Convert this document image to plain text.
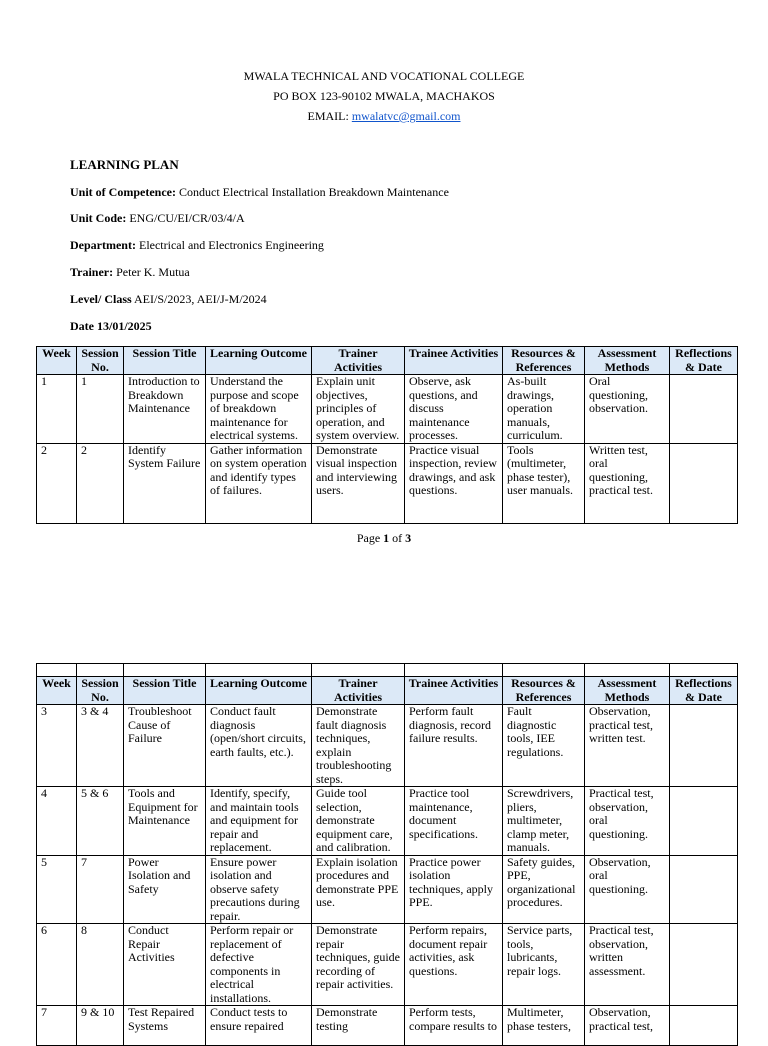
MWALA TECHNICAL AND VOCATIONAL COLLEGE
PO BOX 123-90102 MWALA, MACHAKOS
EMAIL: mwalatvc@gmail.com
LEARNING PLAN
Unit of Competence: Conduct Electrical Installation Breakdown Maintenance
Unit Code: ENG/CU/EI/CR/03/4/A
Department: Electrical and Electronics Engineering
Trainer: Peter K. Mutua
Level/ Class AEI/S/2023, AEI/J-M/2024
Date 13/01/2025
Week	Session No.	Session Title	Learning Outcome	Trainer Activities	Trainee Activities	Resources & References	Assessment Methods	Reflections & Date
1	1	Introduction to Breakdown Maintenance	Understand the purpose and scope of breakdown maintenance for electrical systems.	Explain unit objectives, principles of operation, and system overview.	Observe, ask questions, and discuss maintenance processes.	As-built drawings, operation manuals, curriculum.	Oral questioning, observation.	
2	2	Identify System Failure	Gather information on system operation and identify types of failures.	Demonstrate visual inspection and interviewing users.	Practice visual inspection, review drawings, and ask questions.	Tools (multimeter, phase tester), user manuals.	Written test, oral questioning, practical test.	
Page 1 of 3

Week	Session No.	Session Title	Learning Outcome	Trainer Activities	Trainee Activities	Resources & References	Assessment Methods	Reflections & Date
3	3 & 4	Troubleshoot Cause of Failure	Conduct fault diagnosis (open/short circuits, earth faults, etc.).	Demonstrate fault diagnosis techniques, explain troubleshooting steps.	Perform fault diagnosis, record failure results.	Fault diagnostic tools, IEE regulations.	Observation, practical test, written test.	
4	5 & 6	Tools and Equipment for Maintenance	Identify, specify, and maintain tools and equipment for repair and replacement.	Guide tool selection, demonstrate equipment care, and calibration.	Practice tool maintenance, document specifications.	Screwdrivers, pliers, multimeter, clamp meter, manuals.	Practical test, observation, oral questioning.	
5	7	Power Isolation and Safety	Ensure power isolation and observe safety precautions during repair.	Explain isolation procedures and demonstrate PPE use.	Practice power isolation techniques, apply PPE.	Safety guides, PPE, organizational procedures.	Observation, oral questioning.	
6	8	Conduct Repair Activities	Perform repair or replacement of defective components in electrical installations.	Demonstrate repair techniques, guide recording of repair activities.	Perform repairs, document repair activities, ask questions.	Service parts, tools, lubricants, repair logs.	Practical test, observation, written assessment.	
7	9 & 10	Test Repaired Systems	Conduct tests to ensure repaired	Demonstrate testing	Perform tests, compare results to	Multimeter, phase testers,	Observation, practical test,	
